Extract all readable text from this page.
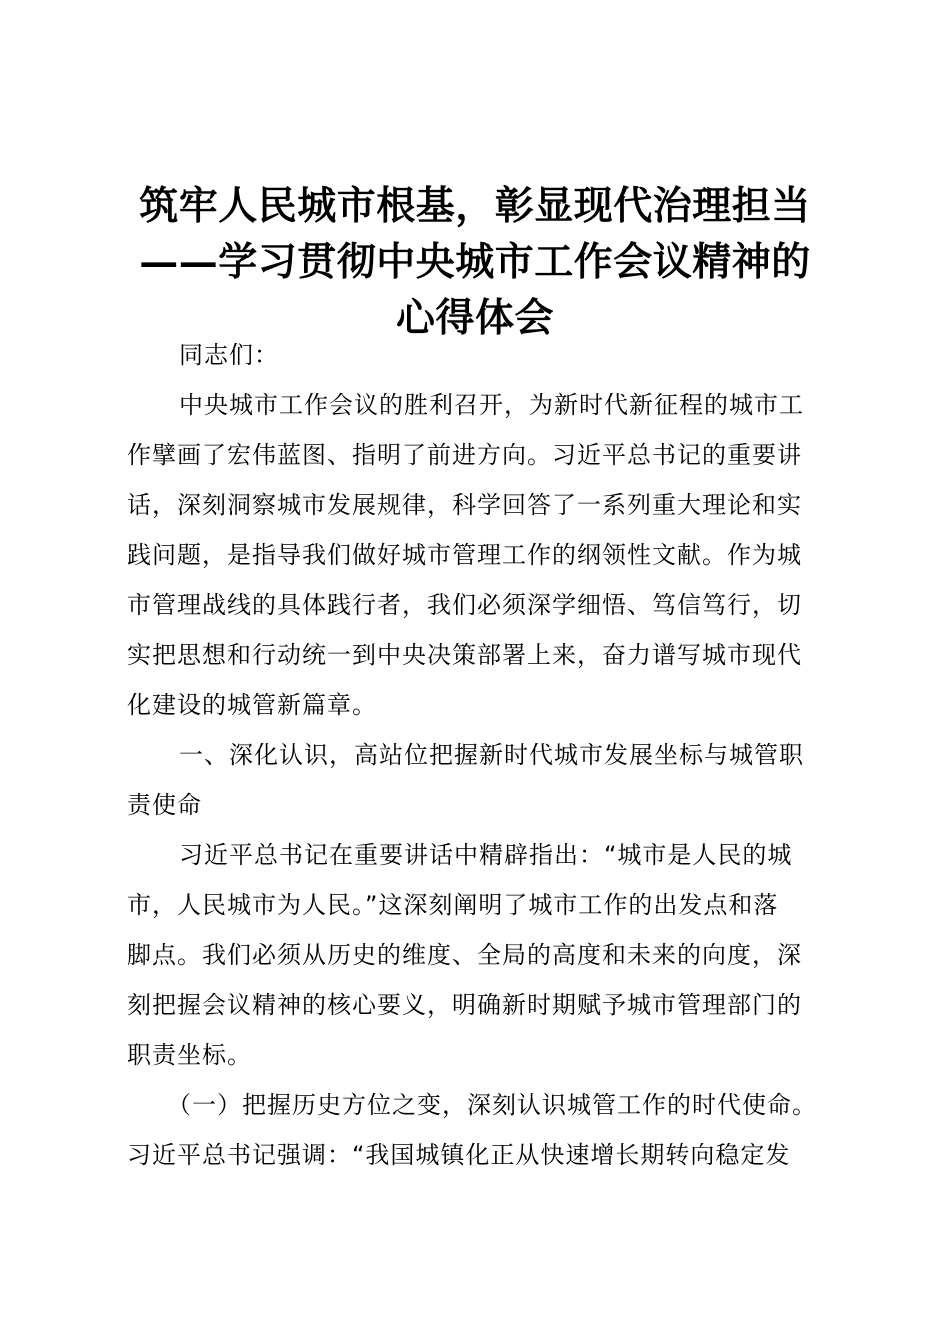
筑牢人民城市根基，彰显现代治理担当
——学习贯彻中央城市工作会议精神的
心得体会

同志们：

中央城市工作会议的胜利召开，为新时代新征程的城市工
作擘画了宏伟蓝图、指明了前进方向。习近平总书记的重要讲
话，深刻洞察城市发展规律，科学回答了一系列重大理论和实
践问题，是指导我们做好城市管理工作的纲领性文献。作为城
市管理战线的具体践行者，我们必须深学细悟、笃信笃行，切
实把思想和行动统一到中央决策部署上来，奋力谱写城市现代
化建设的城管新篇章。

一、深化认识，高站位把握新时代城市发展坐标与城管职
责使命

习近平总书记在重要讲话中精辟指出：“城市是人民的城
市，人民城市为人民。”这深刻阐明了城市工作的出发点和落
脚点。我们必须从历史的维度、全局的高度和未来的向度，深
刻把握会议精神的核心要义，明确新时期赋予城市管理部门的
职责坐标。

（一）把握历史方位之变，深刻认识城管工作的时代使命。
习近平总书记强调：“我国城镇化正从快速增长期转向稳定发
